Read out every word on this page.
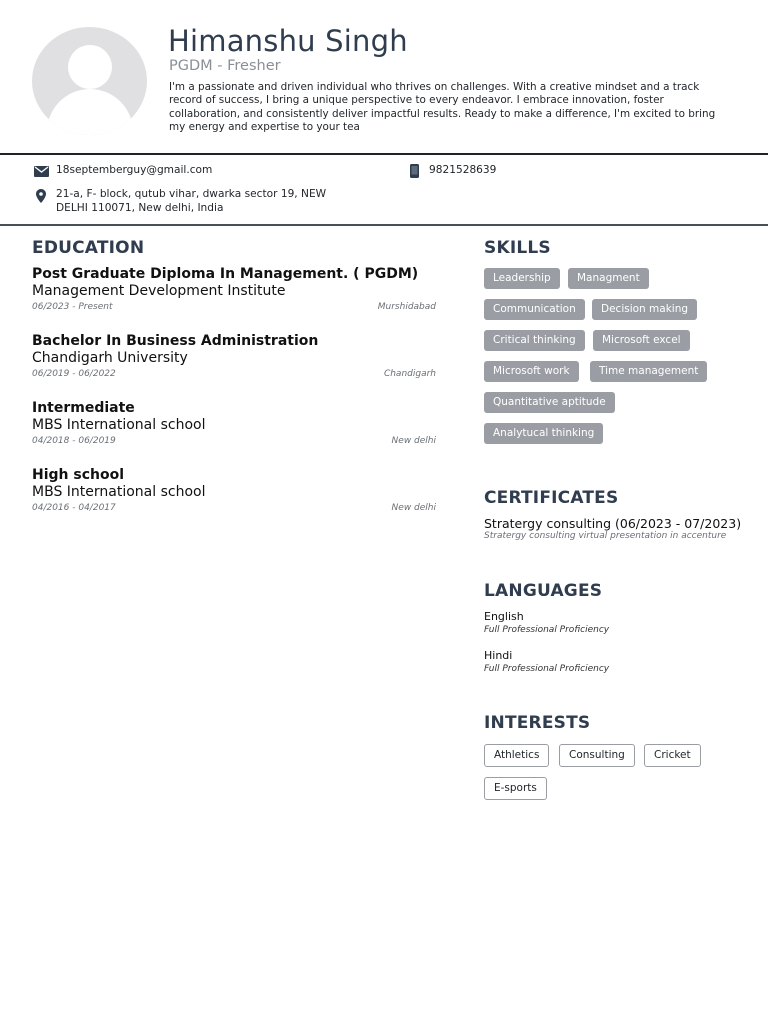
Himanshu Singh
PGDM - Fresher
I'm a passionate and driven individual who thrives on challenges. With a creative mindset and a track record of success, I bring a unique perspective to every endeavor. I embrace innovation, foster collaboration, and consistently deliver impactful results. Ready to make a difference, I'm excited to bring my energy and expertise to your tea
18septemberguy@gmail.com	9821528639
21-a, F- block, qutub vihar, dwarka sector 19, NEW
DELHI 110071, New delhi, India
EDUCATION
Post Graduate Diploma In Management. ( PGDM)
Management Development Institute
06/2023 - Present	Murshidabad
Bachelor In Business Administration
Chandigarh University
06/2019 - 06/2022	Chandigarh
Intermediate
MBS International school
04/2018 - 06/2019	New delhi
High school
MBS International school
04/2016 - 04/2017	New delhi
SKILLS
Leadership	Managment
Communication	Decision making
Critical thinking	Microsoft excel
Microsoft work	Time management
Quantitative aptitude
Analytucal thinking
CERTIFICATES
Stratergy consulting (06/2023 - 07/2023)
Stratergy consulting virtual presentation in accenture
LANGUAGES
English
Full Professional Proficiency
Hindi
Full Professional Proficiency
INTERESTS
Athletics	Consulting	Cricket
E-sports
